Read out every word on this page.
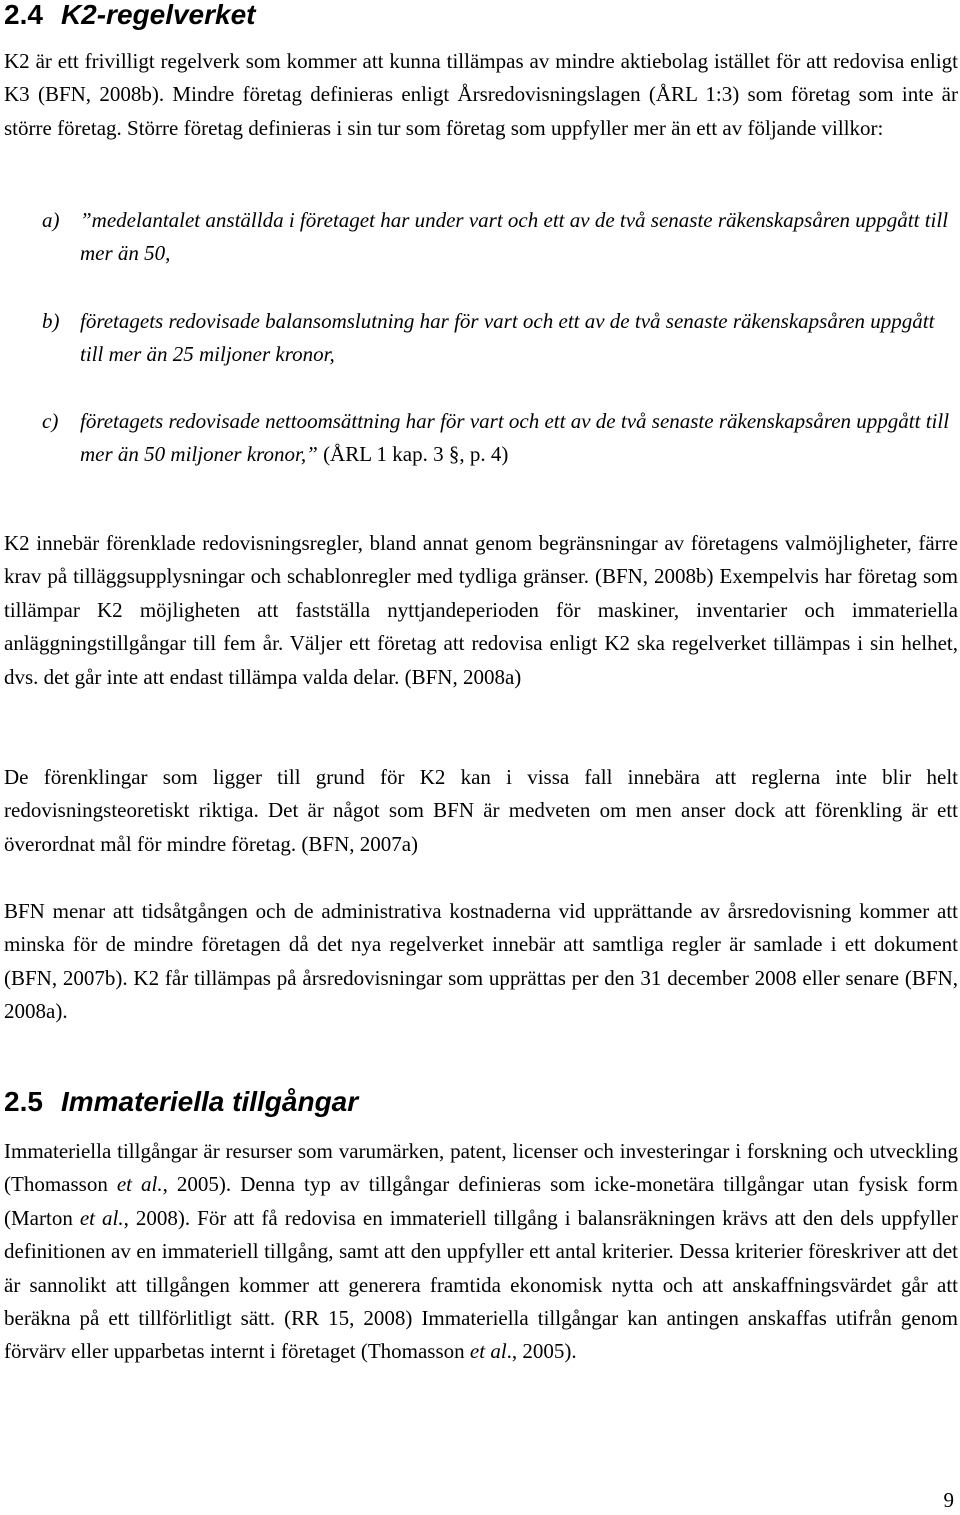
2.4 K2-regelverket

K2 är ett frivilligt regelverk som kommer att kunna tillämpas av mindre aktiebolag istället för att redovisa enligt K3 (BFN, 2008b). Mindre företag definieras enligt Årsredovisningslagen (ÅRL 1:3) som företag som inte är större företag. Större företag definieras i sin tur som företag som uppfyller mer än ett av följande villkor:

a) ”medelantalet anställda i företaget har under vart och ett av de två senaste räkenskapsåren uppgått till mer än 50,
b) företagets redovisade balansomslutning har för vart och ett av de två senaste räkenskapsåren uppgått till mer än 25 miljoner kronor,
c) företagets redovisade nettoomsättning har för vart och ett av de två senaste räkenskapsåren uppgått till mer än 50 miljoner kronor,” (ÅRL 1 kap. 3 §, p. 4)

K2 innebär förenklade redovisningsregler, bland annat genom begränsningar av företagens valmöjligheter, färre krav på tilläggsupplysningar och schablonregler med tydliga gränser. (BFN, 2008b) Exempelvis har företag som tillämpar K2 möjligheten att fastställa nyttjandeperioden för maskiner, inventarier och immateriella anläggningstillgångar till fem år. Väljer ett företag att redovisa enligt K2 ska regelverket tillämpas i sin helhet, dvs. det går inte att endast tillämpa valda delar. (BFN, 2008a)

De förenklingar som ligger till grund för K2 kan i vissa fall innebära att reglerna inte blir helt redovisningsteoretiskt riktiga. Det är något som BFN är medveten om men anser dock att förenkling är ett överordnat mål för mindre företag. (BFN, 2007a)

BFN menar att tidsåtgången och de administrativa kostnaderna vid upprättande av årsredovisning kommer att minska för de mindre företagen då det nya regelverket innebär att samtliga regler är samlade i ett dokument (BFN, 2007b). K2 får tillämpas på årsredovisningar som upprättas per den 31 december 2008 eller senare (BFN, 2008a).

2.5 Immateriella tillgångar

Immateriella tillgångar är resurser som varumärken, patent, licenser och investeringar i forskning och utveckling (Thomasson et al., 2005). Denna typ av tillgångar definieras som icke-monetära tillgångar utan fysisk form (Marton et al., 2008). För att få redovisa en immateriell tillgång i balansräkningen krävs att den dels uppfyller definitionen av en immateriell tillgång, samt att den uppfyller ett antal kriterier. Dessa kriterier föreskriver att det är sannolikt att tillgången kommer att generera framtida ekonomisk nytta och att anskaffningsvärdet går att beräkna på ett tillförlitligt sätt. (RR 15, 2008) Immateriella tillgångar kan antingen anskaffas utifrån genom förvärv eller upparbetas internt i företaget (Thomasson et al., 2005).

9
